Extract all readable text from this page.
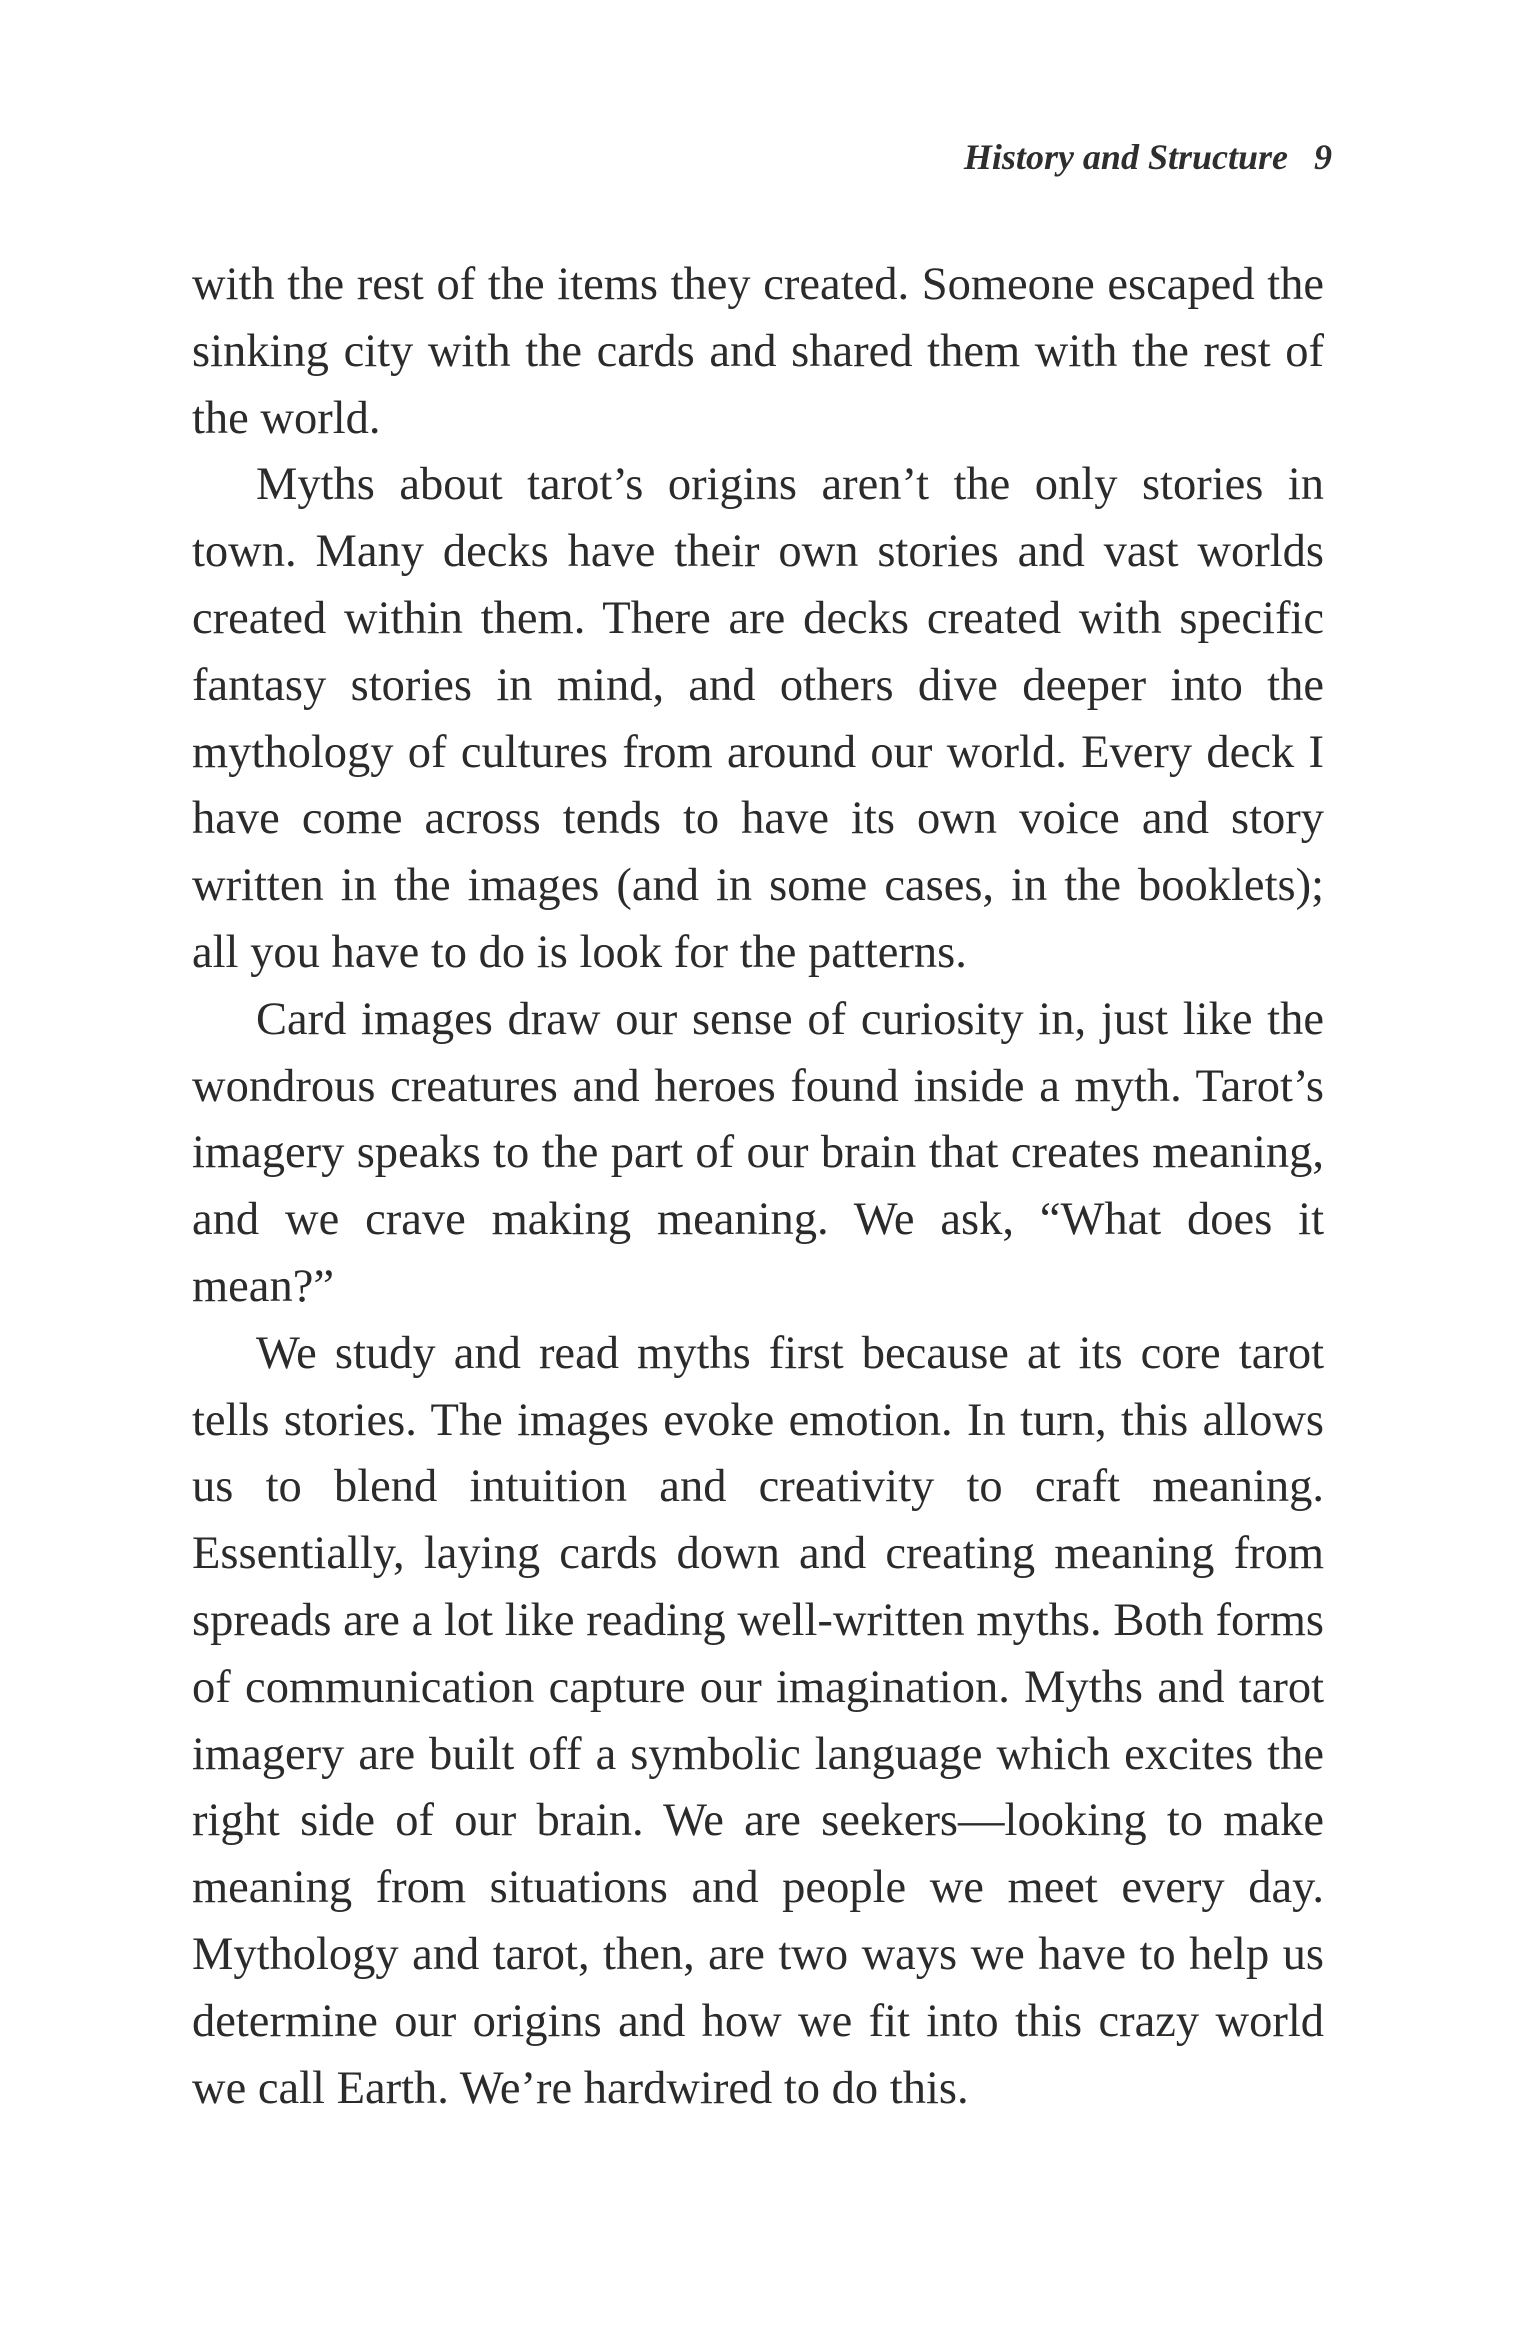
History and Structure 9

with the rest of the items they created. Someone escaped the sinking city with the cards and shared them with the rest of the world.

Myths about tarot’s origins aren’t the only stories in town. Many decks have their own stories and vast worlds created within them. There are decks created with specific fantasy stories in mind, and others dive deeper into the mythology of cultures from around our world. Every deck I have come across tends to have its own voice and story written in the images (and in some cases, in the booklets); all you have to do is look for the patterns.

Card images draw our sense of curiosity in, just like the wondrous creatures and heroes found inside a myth. Tarot’s imagery speaks to the part of our brain that creates meaning, and we crave making meaning. We ask, “What does it mean?”

We study and read myths first because at its core tarot tells stories. The images evoke emotion. In turn, this allows us to blend intuition and creativity to craft meaning. Essentially, laying cards down and creating meaning from spreads are a lot like reading well-written myths. Both forms of communication capture our imagination. Myths and tarot imagery are built off a symbolic language which excites the right side of our brain. We are seekers—looking to make meaning from situations and people we meet every day. Mythology and tarot, then, are two ways we have to help us determine our origins and how we fit into this crazy world we call Earth. We’re hardwired to do this.
